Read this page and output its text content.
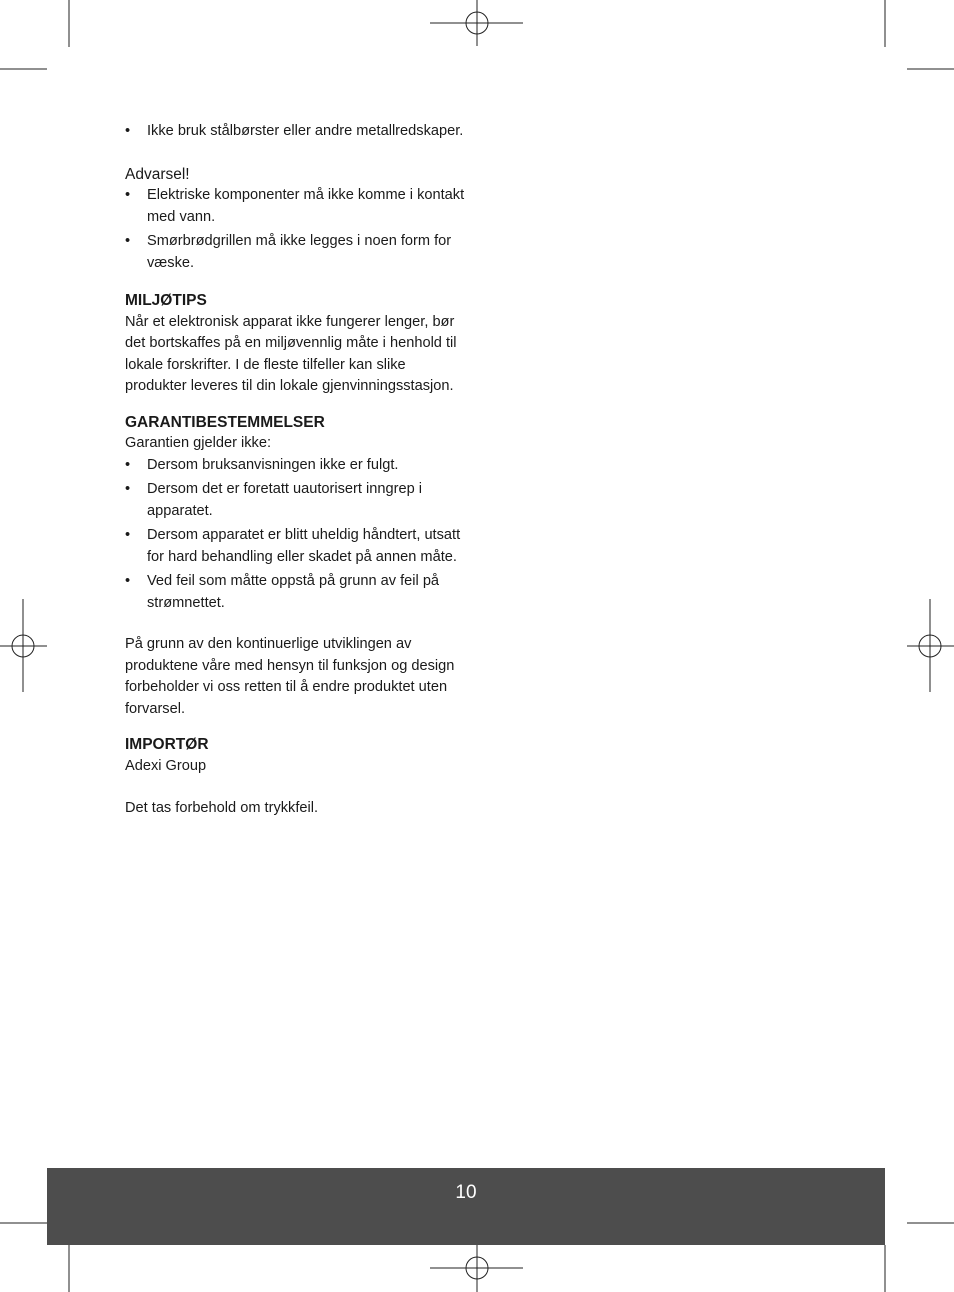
• Ikke bruk stålbørster eller andre metallredskaper.

Advarsel!

• Elektriske komponenter må ikke komme i kontakt med vann.
• Smørbrødgrillen må ikke legges i noen form for væske.

MILJØTIPS

Når et elektronisk apparat ikke fungerer lenger, bør det bortskaffes på en miljøvennlig måte i henhold til lokale forskrifter. I de fleste tilfeller kan slike produkter leveres til din lokale gjenvinningsstasjon.

GARANTIBESTEMMELSER

Garantien gjelder ikke:

• Dersom bruksanvisningen ikke er fulgt.
• Dersom det er foretatt uautorisert inngrep i apparatet.
• Dersom apparatet er blitt uheldig håndtert, utsatt for hard behandling eller skadet på annen måte.
• Ved feil som måtte oppstå på grunn av feil på strømnettet.

På grunn av den kontinuerlige utviklingen av produktene våre med hensyn til funksjon og design forbeholder vi oss retten til å endre produktet uten forvarsel.

IMPORTØR

Adexi Group

Det tas forbehold om trykkfeil.

10
